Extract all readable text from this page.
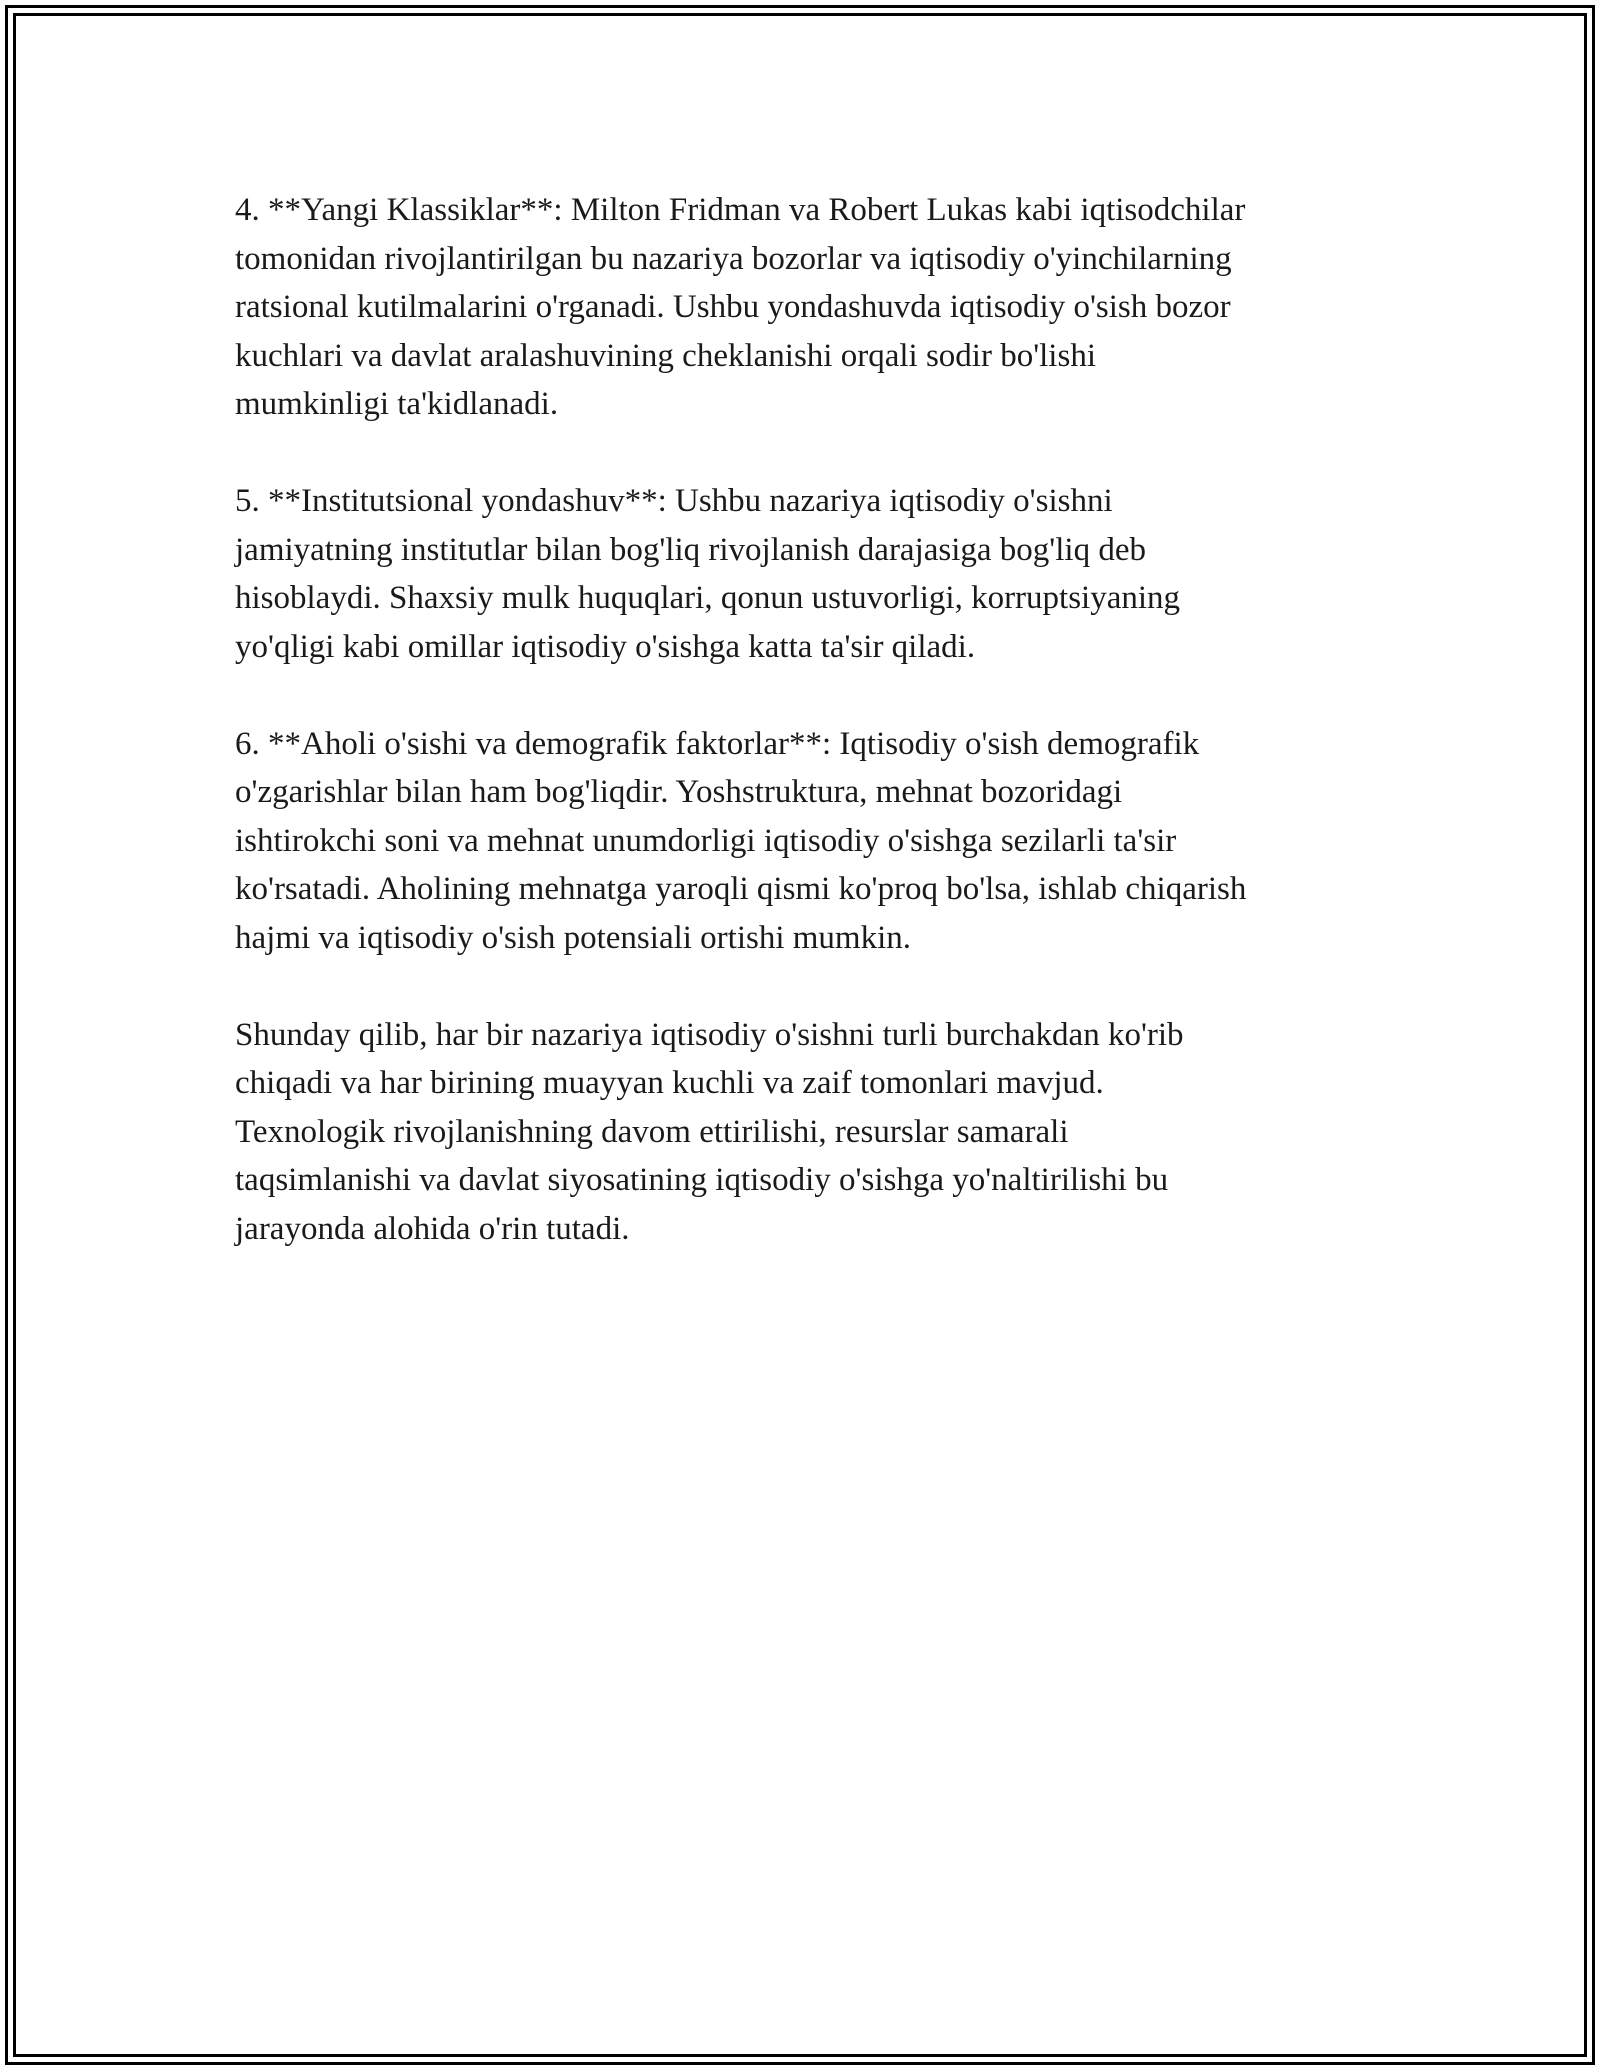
4. **Yangi Klassiklar**: Milton Fridman va Robert Lukas kabi iqtisodchilar
tomonidan rivojlantirilgan bu nazariya bozorlar va iqtisodiy o'yinchilarning
ratsional kutilmalarini o'rganadi. Ushbu yondashuvda iqtisodiy o'sish bozor
kuchlari va davlat aralashuvining cheklanishi orqali sodir bo'lishi
mumkinligi ta'kidlanadi.

5. **Institutsional yondashuv**: Ushbu nazariya iqtisodiy o'sishni
jamiyatning institutlar bilan bog'liq rivojlanish darajasiga bog'liq deb
hisoblaydi. Shaxsiy mulk huquqlari, qonun ustuvorligi, korruptsiyaning
yo'qligi kabi omillar iqtisodiy o'sishga katta ta'sir qiladi.

6. **Aholi o'sishi va demografik faktorlar**: Iqtisodiy o'sish demografik
o'zgarishlar bilan ham bog'liqdir. Yoshstruktura, mehnat bozoridagi
ishtirokchi soni va mehnat unumdorligi iqtisodiy o'sishga sezilarli ta'sir
ko'rsatadi. Aholining mehnatga yaroqli qismi ko'proq bo'lsa, ishlab chiqarish
hajmi va iqtisodiy o'sish potensiali ortishi mumkin.

Shunday qilib, har bir nazariya iqtisodiy o'sishni turli burchakdan ko'rib
chiqadi va har birining muayyan kuchli va zaif tomonlari mavjud.
Texnologik rivojlanishning davom ettirilishi, resurslar samarali
taqsimlanishi va davlat siyosatining iqtisodiy o'sishga yo'naltirilishi bu
jarayonda alohida o'rin tutadi.
